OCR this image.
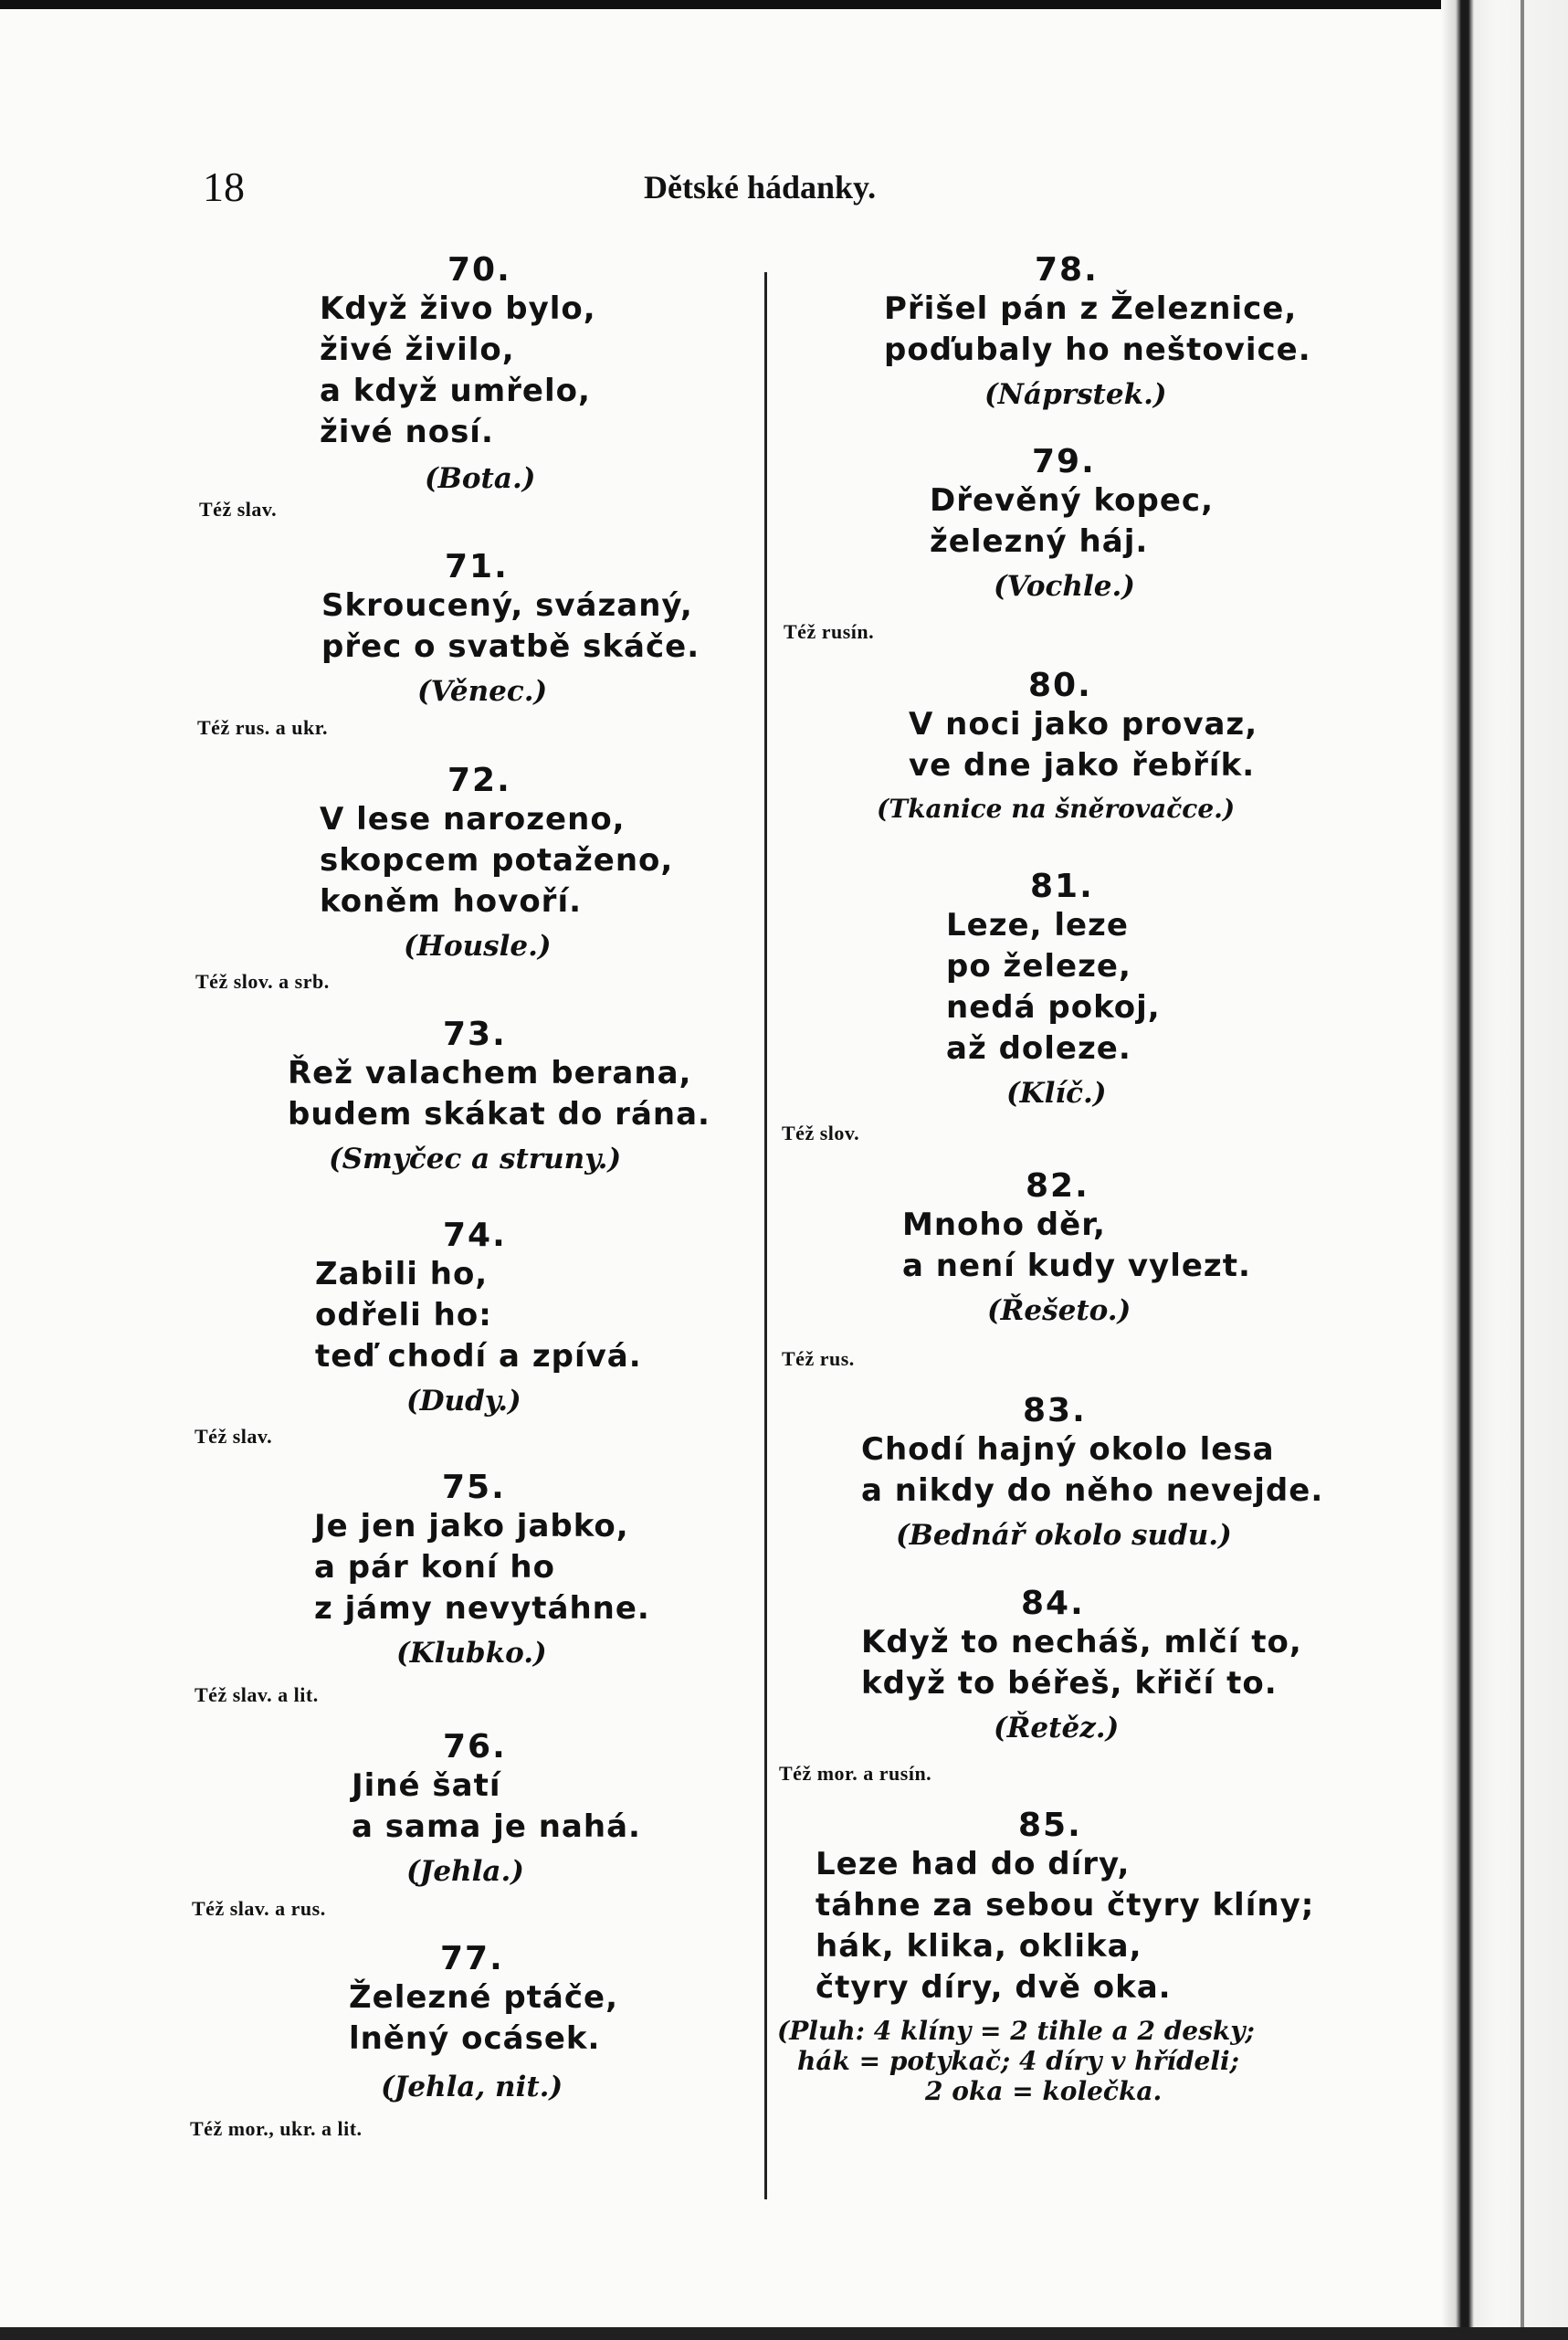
18	Dětské hádanky.
70.
Když živo bylo,
živé živilo,
a když umřelo,
živé nosí.
(Bota.)
Též slav.
71.
Skroucený, svázaný,
přec o svatbě skáče.
(Věnec.)
Též rus. a ukr.
72.
V lese narozeno,
skopcem potaženo,
koněm hovoří.
(Housle.)
Též slov. a srb.
73.
Řež valachem berana,
budem skákat do rána.
(Smyčec a struny.)
74.
Zabili ho,
odřeli ho:
teď chodí a zpívá.
(Dudy.)
Též slav.
75.
Je jen jako jabko,
a pár koní ho
z jámy nevytáhne.
(Klubko.)
Též slav. a lit.
76.
Jiné šatí
a sama je nahá.
(Jehla.)
Též slav. a rus.
77.
Železné ptáče,
lněný ocásek.
(Jehla, nit.)
Též mor., ukr. a lit.
78.
Přišel pán z Železnice,
poďubaly ho neštovice.
(Náprstek.)
79.
Dřevěný kopec,
železný háj.
(Vochle.)
Též rusín.
80.
V noci jako provaz,
ve dne jako řebřík.
(Tkanice na šněrovačce.)
81.
Leze, leze
po železe,
nedá pokoj,
až doleze.
(Klíč.)
Též slov.
82.
Mnoho děr,
a není kudy vylezt.
(Řešeto.)
Též rus.
83.
Chodí hajný okolo lesa
a nikdy do něho nevejde.
(Bednář okolo sudu.)
84.
Když to necháš, mlčí to,
když to béřeš, křičí to.
(Řetěz.)
Též mor. a rusín.
85.
Leze had do díry,
táhne za sebou čtyry klíny;
hák, klika, oklika,
čtyry díry, dvě oka.
(Pluh: 4 klíny = 2 tihle a 2 desky;
hák = potykač; 4 díry v hřídeli;
2 oka = kolečka.
